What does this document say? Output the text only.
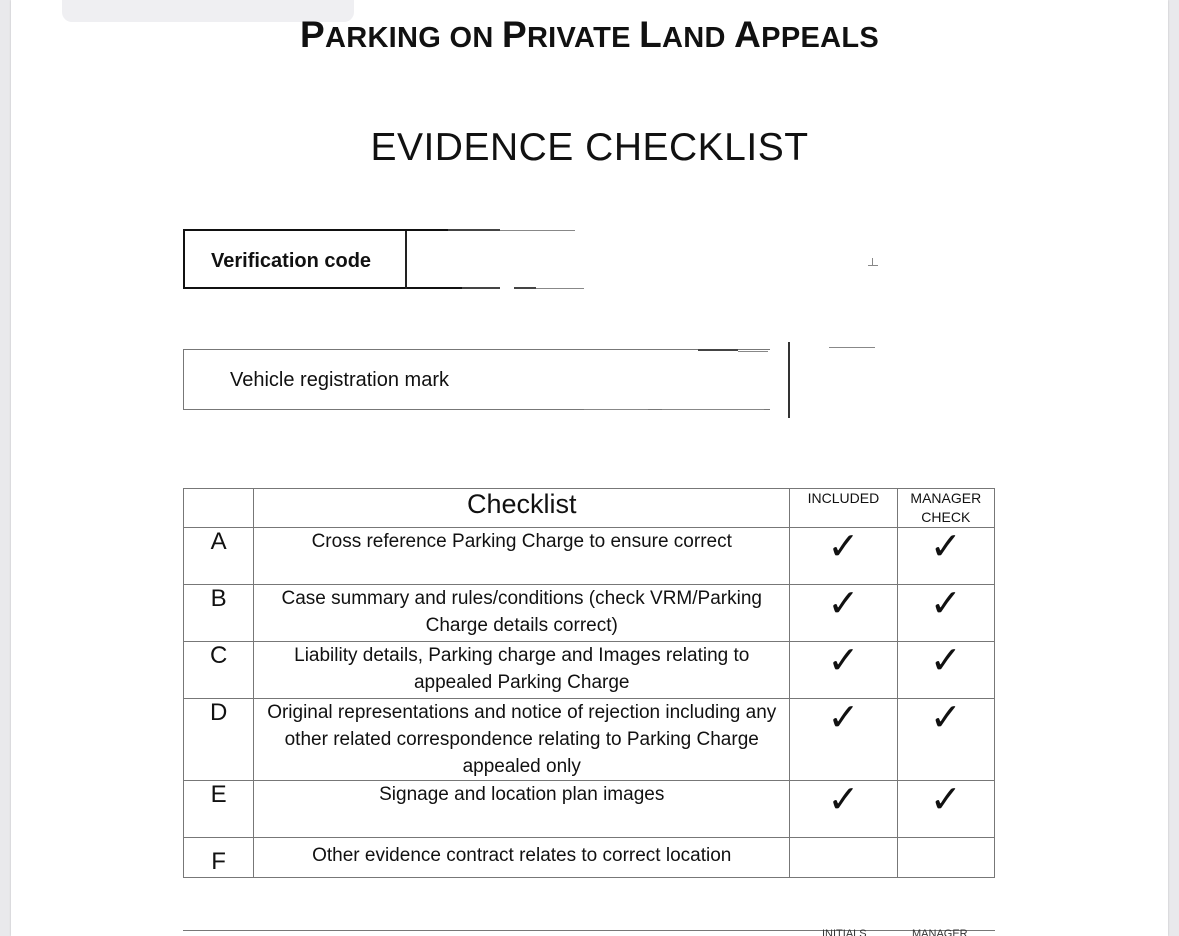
PARKING ON PRIVATE LAND APPEALS
EVIDENCE CHECKLIST
Verification code
Vehicle registration mark
	Checklist	INCLUDED	MANAGER CHECK
A	Cross reference Parking Charge to ensure correct	✓	✓
B	Case summary and rules/conditions (check VRM/Parking Charge details correct)	✓	✓
C	Liability details, Parking charge and Images relating to appealed Parking Charge	✓	✓
D	Original representations and notice of rejection including any other related correspondence relating to Parking Charge appealed only	✓	✓
E	Signage and location plan images	✓	✓
F	Other evidence contract relates to correct location		
INITIALS	MANAGER
